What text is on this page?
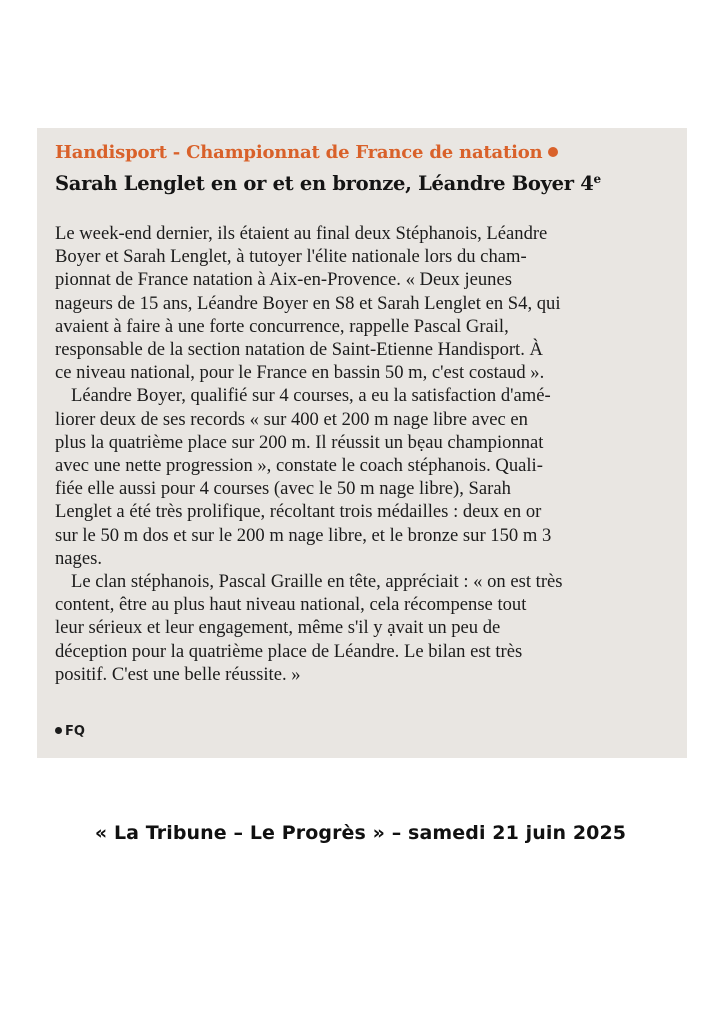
Handisport - Championnat de France de natation
Sarah Lenglet en or et en bronze, Léandre Boyer 4e
Le week-end dernier, ils étaient au final deux Stéphanois, Léandre
Boyer et Sarah Lenglet, à tutoyer l'élite nationale lors du cham-
pionnat de France natation à Aix-en-Provence. « Deux jeunes
nageurs de 15 ans, Léandre Boyer en S8 et Sarah Lenglet en S4, qui
avaient à faire à une forte concurrence, rappelle Pascal Grail,
responsable de la section natation de Saint-Etienne Handisport. À
ce niveau national, pour le France en bassin 50 m, c'est costaud ».
Léandre Boyer, qualifié sur 4 courses, a eu la satisfaction d'amé-
liorer deux de ses records « sur 400 et 200 m nage libre avec en
plus la quatrième place sur 200 m. Il réussit un bẹau championnat
avec une nette progression », constate le coach stéphanois. Quali-
fiée elle aussi pour 4 courses (avec le 50 m nage libre), Sarah
Lenglet a été très prolifique, récoltant trois médailles : deux en or
sur le 50 m dos et sur le 200 m nage libre, et le bronze sur 150 m 3
nages.
Le clan stéphanois, Pascal Graille en tête, appréciait : « on est très
content, être au plus haut niveau national, cela récompense tout
leur sérieux et leur engagement, même s'il y ạvait un peu de
déception pour la quatrième place de Léandre. Le bilan est très
positif. C'est une belle réussite. »

FQ

« La Tribune – Le Progrès » – samedi 21 juin 2025
